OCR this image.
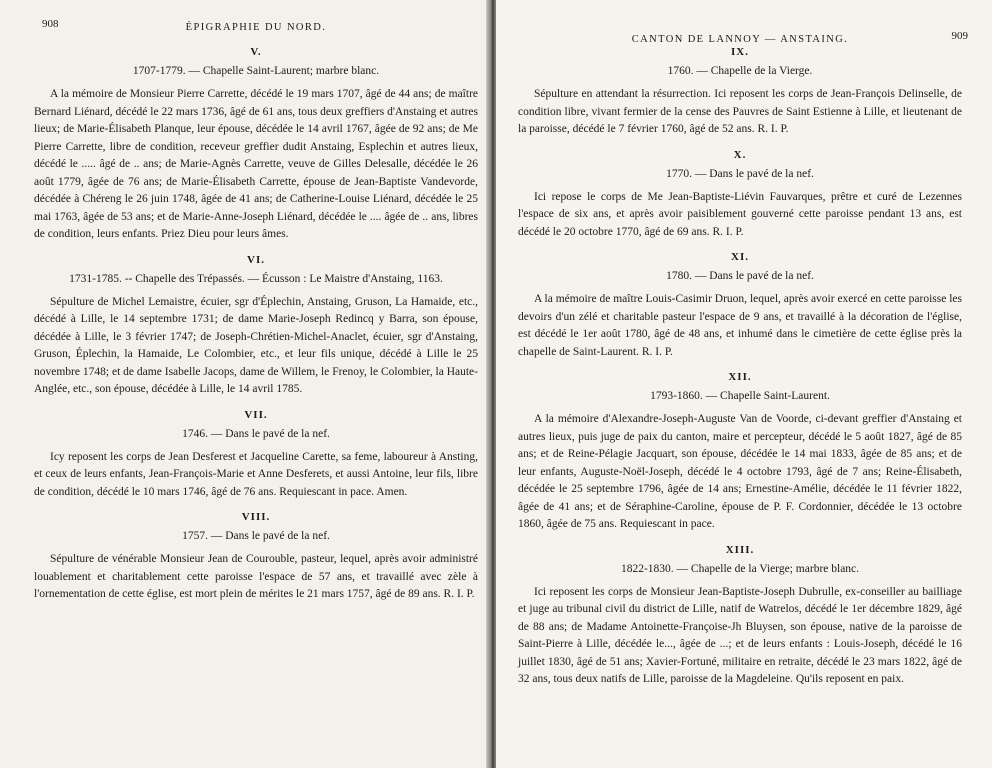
908	ÉPIGRAPHIE DU NORD.
V.
1707-1779. — Chapelle Saint-Laurent; marbre blanc.

A la mémoire de Monsieur Pierre Carrette, décédé le 19 mars 1707, âgé de 44 ans; de maître Bernard Liénard, décédé le 22 mars 1736, âgé de 61 ans, tous deux greffiers d'Anstaing et autres lieux; de Marie-Élisabeth Planque, leur épouse, décédée le 14 avril 1767, âgée de 92 ans; de Me Pierre Carrette, libre de condition, receveur greffier dudit Anstaing, Esplechin et autres lieux, décédé le ..... âgé de .. ans; de Marie-Agnès Carrette, veuve de Gilles Delesalle, décédée le 26 août 1779, âgée de 76 ans; de Marie-Élisabeth Carrette, épouse de Jean-Baptiste Vandevorde, décédée à Chéreng le 26 juin 1748, âgée de 41 ans; de Catherine-Louise Liénard, décédée le 25 mai 1763, âgée de 53 ans; et de Marie-Anne-Joseph Liénard, décédée le .... âgée de .. ans, libres de condition, leurs enfants. Priez Dieu pour leurs âmes.

VI.
1731-1785. -- Chapelle des Trépassés. — Écusson : Le Maistre d'Anstaing, 1163.

Sépulture de Michel Lemaistre, écuier, sgr d'Éplechin, Anstaing, Gruson, La Hamaide, etc., décédé à Lille, le 14 septembre 1731; de dame Marie-Joseph Redincq y Barra, son épouse, décédée à Lille, le 3 février 1747; de Joseph-Chrétien-Michel-Anaclet, écuier, sgr d'Anstaing, Gruson, Éplechin, la Hamaide, Le Colombier, etc., et leur fils unique, décédé à Lille le 25 novembre 1748; et de dame Isabelle Jacops, dame de Willem, le Frenoy, le Colombier, la Haute-Anglée, etc., son épouse, décédée à Lille, le 14 avril 1785.

VII.
1746. — Dans le pavé de la nef.

Icy reposent les corps de Jean Desferest et Jacqueline Carette, sa feme, laboureur à Ansting, et ceux de leurs enfants, Jean-François-Marie et Anne Desferets, et aussi Antoine, leur fils, libre de condition, décédé le 10 mars 1746, âgé de 76 ans. Requiescant in pace. Amen.

VIII.
1757. — Dans le pavé de la nef.

Sépulture de vénérable Monsieur Jean de Courouble, pasteur, lequel, après avoir administré louablement et charitablement cette paroisse l'espace de 57 ans, et travaillé avec zèle à l'ornementation de cette église, est mort plein de mérites le 21 mars 1757, âgé de 89 ans. R. I. P.

CANTON DE LANNOY — ANSTAING.	909
IX.
1760. — Chapelle de la Vierge.

Sépulture en attendant la résurrection. Ici reposent les corps de Jean-François Delinselle, de condition libre, vivant fermier de la cense des Pauvres de Saint Estienne à Lille, et lieutenant de la paroisse, décédé le 7 février 1760, âgé de 52 ans. R. I. P.

X.
1770. — Dans le pavé de la nef.

Ici repose le corps de Me Jean-Baptiste-Liévin Fauvarques, prêtre et curé de Lezennes l'espace de six ans, et après avoir paisiblement gouverné cette paroisse pendant 13 ans, est décédé le 20 octobre 1770, âgé de 69 ans. R. I. P.

XI.
1780. — Dans le pavé de la nef.

A la mémoire de maître Louis-Casimir Druon, lequel, après avoir exercé en cette paroisse les devoirs d'un zélé et charitable pasteur l'espace de 9 ans, et travaillé à la décoration de l'église, est décédé le 1er août 1780, âgé de 48 ans, et inhumé dans le cimetière de cette église près la chapelle de Saint-Laurent. R. I. P.

XII.
1793-1860. — Chapelle Saint-Laurent.

A la mémoire d'Alexandre-Joseph-Auguste Van de Voorde, ci-devant greffier d'Anstaing et autres lieux, puis juge de paix du canton, maire et percepteur, décédé le 5 août 1827, âgé de 85 ans; et de Reine-Pélagie Jacquart, son épouse, décédée le 14 mai 1833, âgée de 85 ans; et de leur enfants, Auguste-Noël-Joseph, décédé le 4 octobre 1793, âgé de 7 ans; Reine-Élisabeth, décédée le 25 septembre 1796, âgée de 14 ans; Ernestine-Amélie, décédée le 11 février 1822, âgée de 41 ans; et de Séraphine-Caroline, épouse de P. F. Cordonnier, décédée le 13 octobre 1860, âgée de 75 ans. Requiescant in pace.

XIII.
1822-1830. — Chapelle de la Vierge; marbre blanc.

Ici reposent les corps de Monsieur Jean-Baptiste-Joseph Dubrulle, ex-conseiller au bailliage et juge au tribunal civil du district de Lille, natif de Watrelos, décédé le 1er décembre 1829, âgé de 88 ans; de Madame Antoinette-Françoise-Jh Bluysen, son épouse, native de la paroisse de Saint-Pierre à Lille, décédée le..., âgée de ...; et de leurs enfants : Louis-Joseph, décédé le 16 juillet 1830, âgé de 51 ans; Xavier-Fortuné, militaire en retraite, décédé le 23 mars 1822, âgé de 32 ans, tous deux natifs de Lille, paroisse de la Magdeleine. Qu'ils reposent en paix.
